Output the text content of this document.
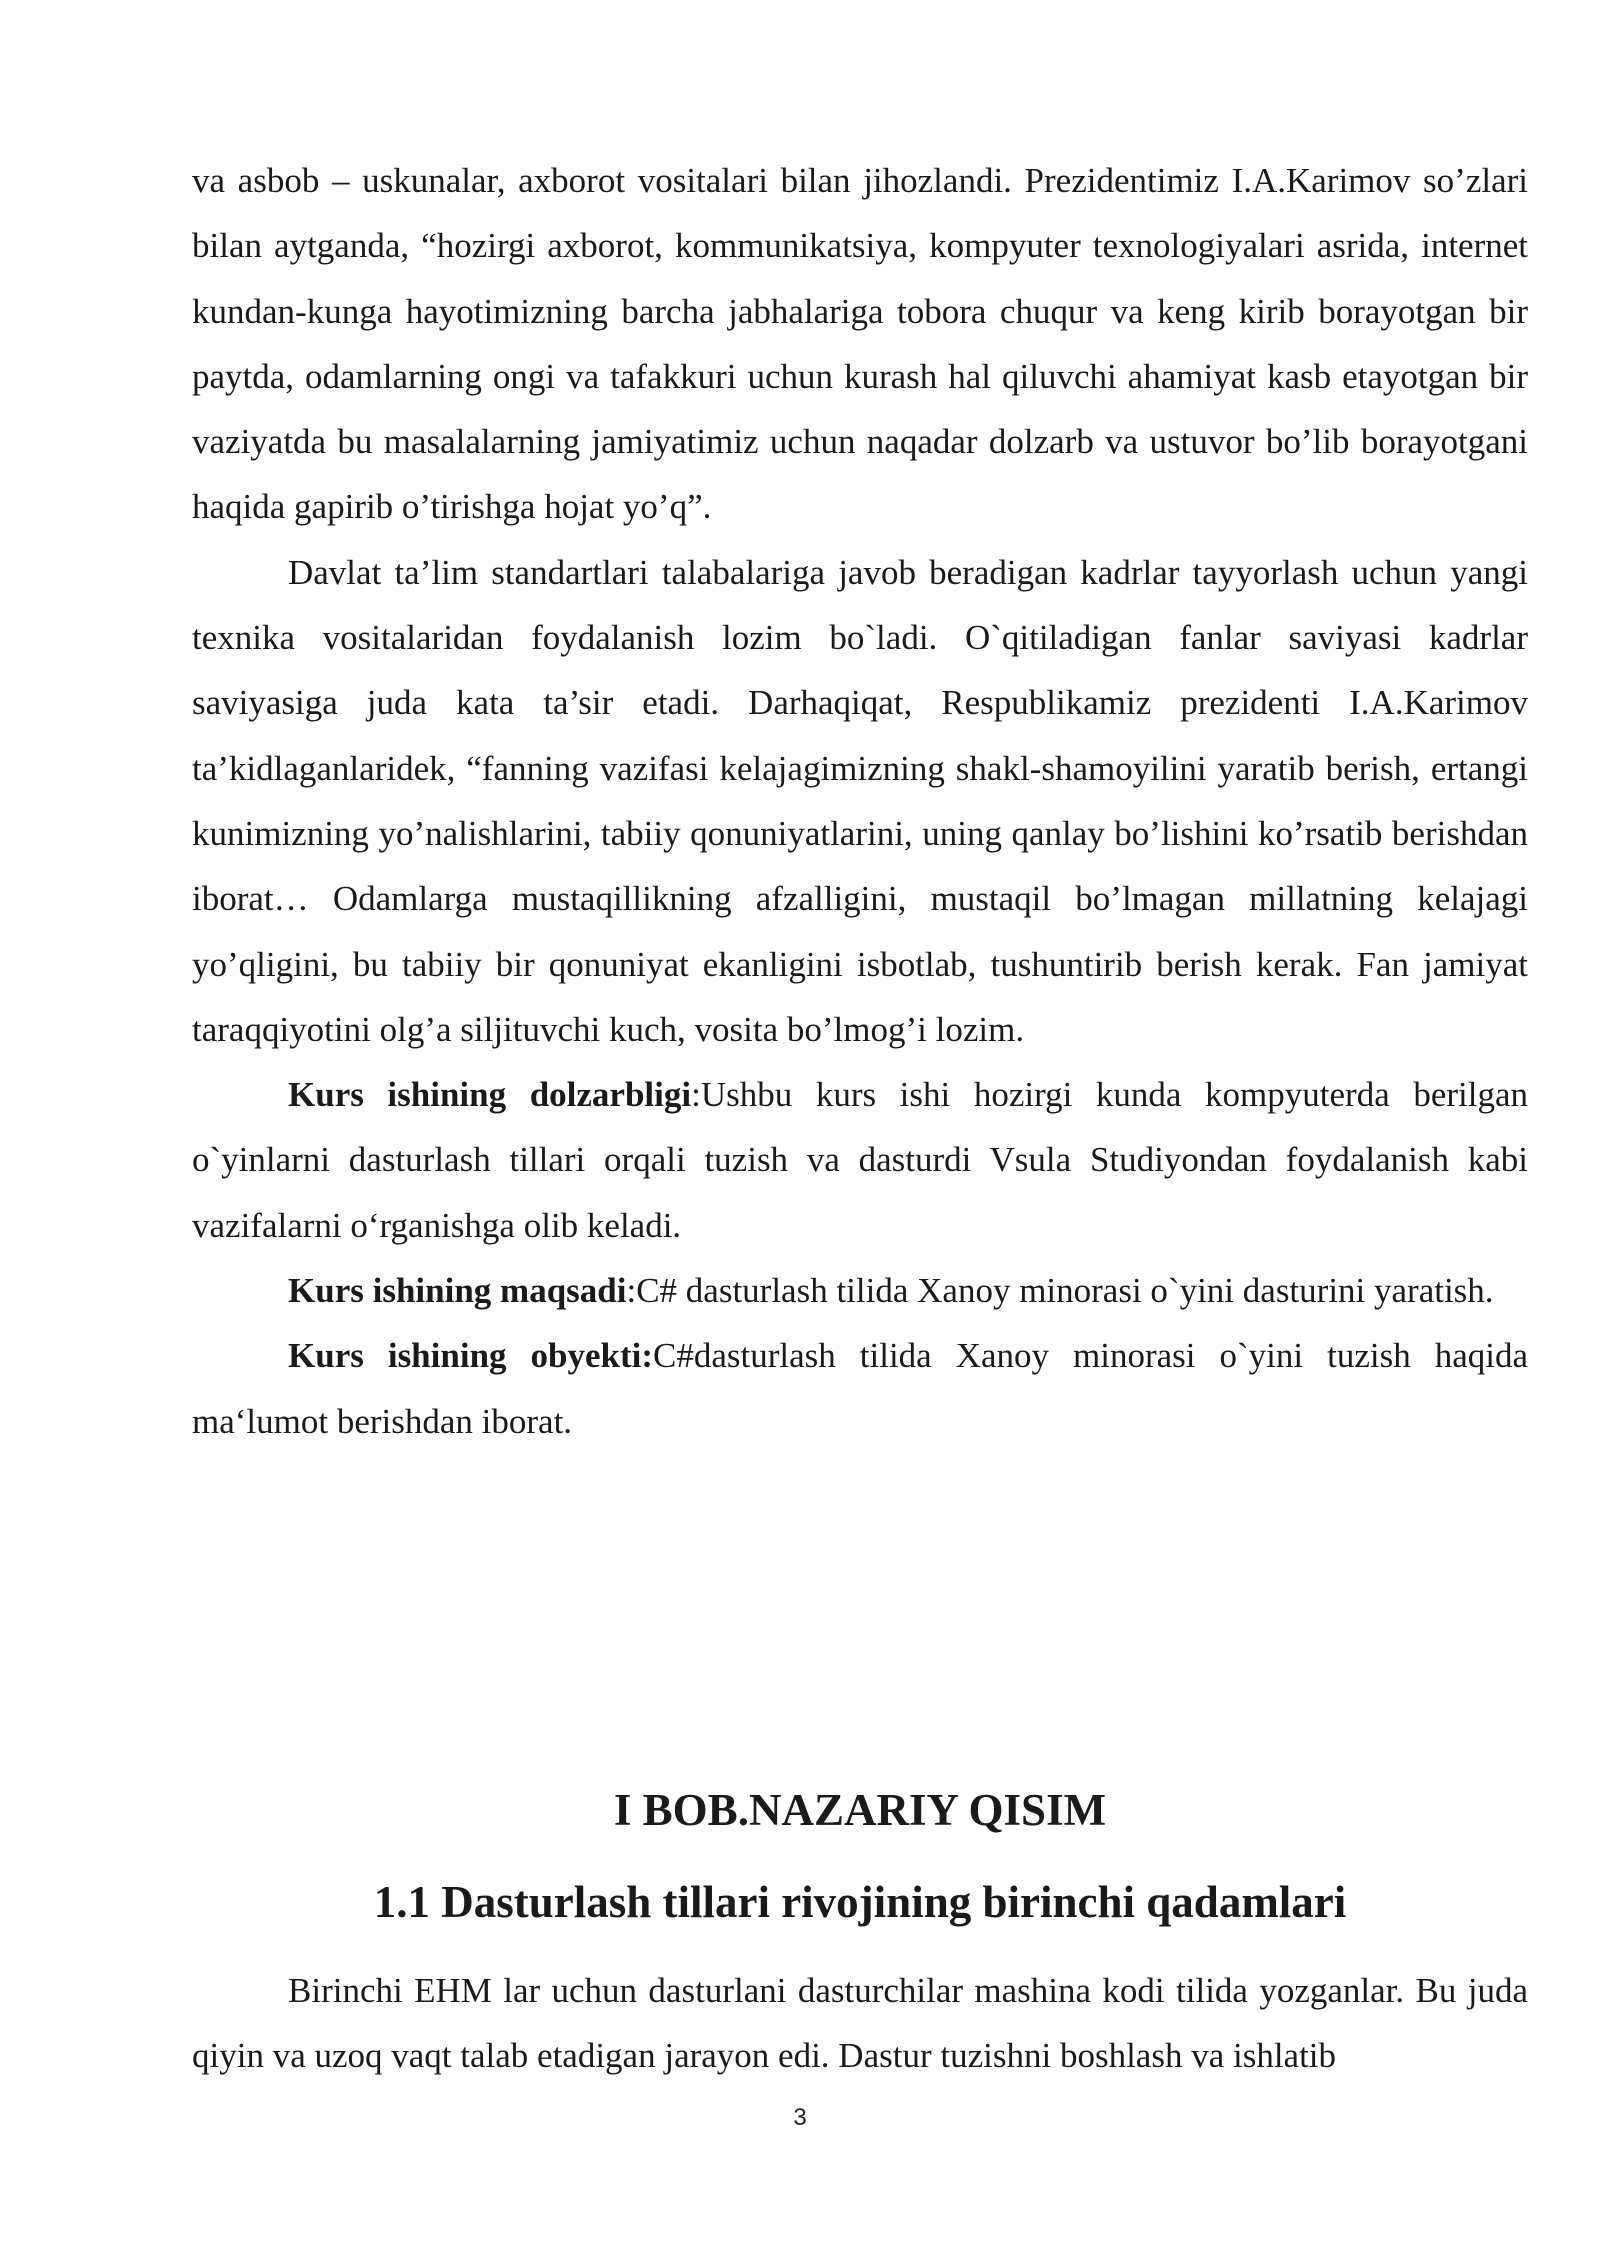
va asbob – uskunalar, axborot vositalari bilan jihozlandi. Prezidentimiz I.A.Karimov so’zlari bilan aytganda, “hozirgi axborot, kommunikatsiya, kompyuter texnologiyalari asrida, internet kundan-kunga hayotimizning barcha jabhalariga tobora chuqur va keng kirib borayotgan bir paytda, odamlarning ongi va tafakkuri uchun kurash hal qiluvchi ahamiyat kasb etayotgan bir vaziyatda bu masalalarning jamiyatimiz uchun naqadar dolzarb va ustuvor bo’lib borayotgani haqida gapirib o’tirishga hojat yo’q”.

Davlat ta’lim standartlari talabalariga javob beradigan kadrlar tayyorlash uchun yangi texnika vositalaridan foydalanish lozim bo`ladi. O`qitiladigan fanlar saviyasi kadrlar saviyasiga juda kata ta’sir etadi. Darhaqiqat, Respublikamiz prezidenti I.A.Karimov ta’kidlaganlaridek, “fanning vazifasi kelajagimizning shakl-shamoyilini yaratib berish, ertangi kunimizning yo’nalishlarini, tabiiy qonuniyatlarini, uning qanlay bo’lishini ko’rsatib berishdan iborat… Odamlarga mustaqillikning afzalligini, mustaqil bo’lmagan millatning kelajagi yo’qligini, bu tabiiy bir qonuniyat ekanligini isbotlab, tushuntirib berish kerak. Fan jamiyat taraqqiyotini olg’a siljituvchi kuch, vosita bo’lmog’i lozim.

Kurs ishining dolzarbligi:Ushbu kurs ishi hozirgi kunda kompyuterda berilgan o`yinlarni dasturlash tillari orqali tuzish va dasturdi Vsula Studiyondan foydalanish kabi vazifalarni o‘rganishga olib keladi.

Kurs ishining maqsadi:C# dasturlash tilida Xanoy minorasi o`yini dasturini yaratish.

Kurs ishining obyekti:C#dasturlash tilida Xanoy minorasi o`yini tuzish haqida ma‘lumot berishdan iborat.

I BOB.NAZARIY QISIM
1.1 Dasturlash tillari rivojining birinchi qadamlari

Birinchi EHM lar uchun dasturlani dasturchilar mashina kodi tilida yozganlar. Bu juda qiyin va uzoq vaqt talab etadigan jarayon edi. Dastur tuzishni boshlash va ishlatib

3
